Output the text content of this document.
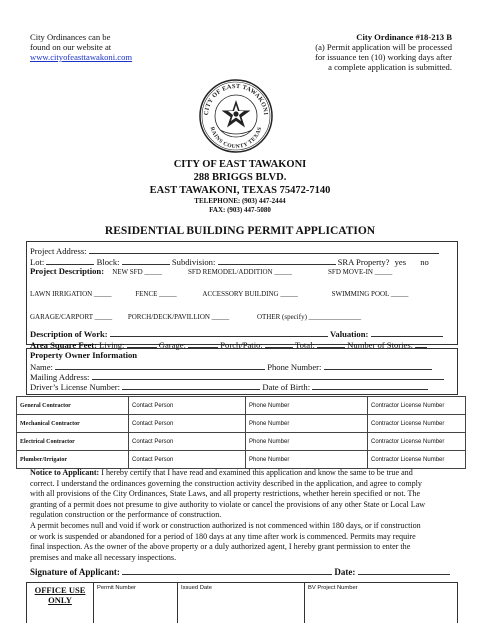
City Ordinances can be
found on our website at
www.cityofeasttawakoni.com
City Ordinance #18-213 B
(a) Permit application will be processed
for issuance ten (10) working days after
a complete application is submitted.
CITY OF EAST TAWAKONI
RAINS COUNTY TEXAS
CITY OF EAST TAWAKONI
288 BRIGGS BLVD.
EAST TAWAKONI, TEXAS 75472-7140
TELEPHONE: (903) 447-2444
FAX: (903) 447-5080
RESIDENTIAL BUILDING PERMIT APPLICATION
Project Address:
Lot:	Block:	Subdivision:	SRA Property? yes no
Project Description: NEW SFD _____	SFD REMODEL/ADDITION _____	SFD MOVE-IN _____
LAWN IRRIGATION _____	FENCE _____	ACCESSORY BUILDING _____	SWIMMING POOL _____
GARAGE/CARPORT _____ PORCH/DECK/PAVILLION _____	OTHER (specify) _______________
Description of Work:	Valuation:
Area Square Feet: Living:	Garage:	Porch/Patio:	Total:	Number of Stories:
Property Owner Information
Name:	Phone Number:
Mailing Address:
Driver’s License Number:	Date of Birth:
General Contractor	Contact Person	Phone Number	Contractor License Number
Mechanical Contractor	Contact Person	Phone Number	Contractor License Number
Electrical Contractor	Contact Person	Phone Number	Contractor License Number
Plumber/Irrigator	Contact Person	Phone Number	Contractor License Number
Notice to Applicant: I hereby certify that I have read and examined this application and know the same to be true and
correct. I understand the ordinances governing the construction activity described in the application, and agree to comply
with all provisions of the City Ordinances, State Laws, and all property restrictions, whether herein specified or not. The
granting of a permit does not presume to give authority to violate or cancel the provisions of any other State or Local Law
regulation construction or the performance of construction.
A permit becomes null and void if work or construction authorized is not commenced within 180 days, or if construction
or work is suspended or abandoned for a period of 180 days at any time after work is commenced. Permits may require
final inspection. As the owner of the above property or a duly authorized agent, I hereby grant permission to enter the
premises and make all necessary inspections.
Signature of Applicant:	Date:
OFFICE USE
ONLY
Permit Number	Issued Date	BV Project Number
